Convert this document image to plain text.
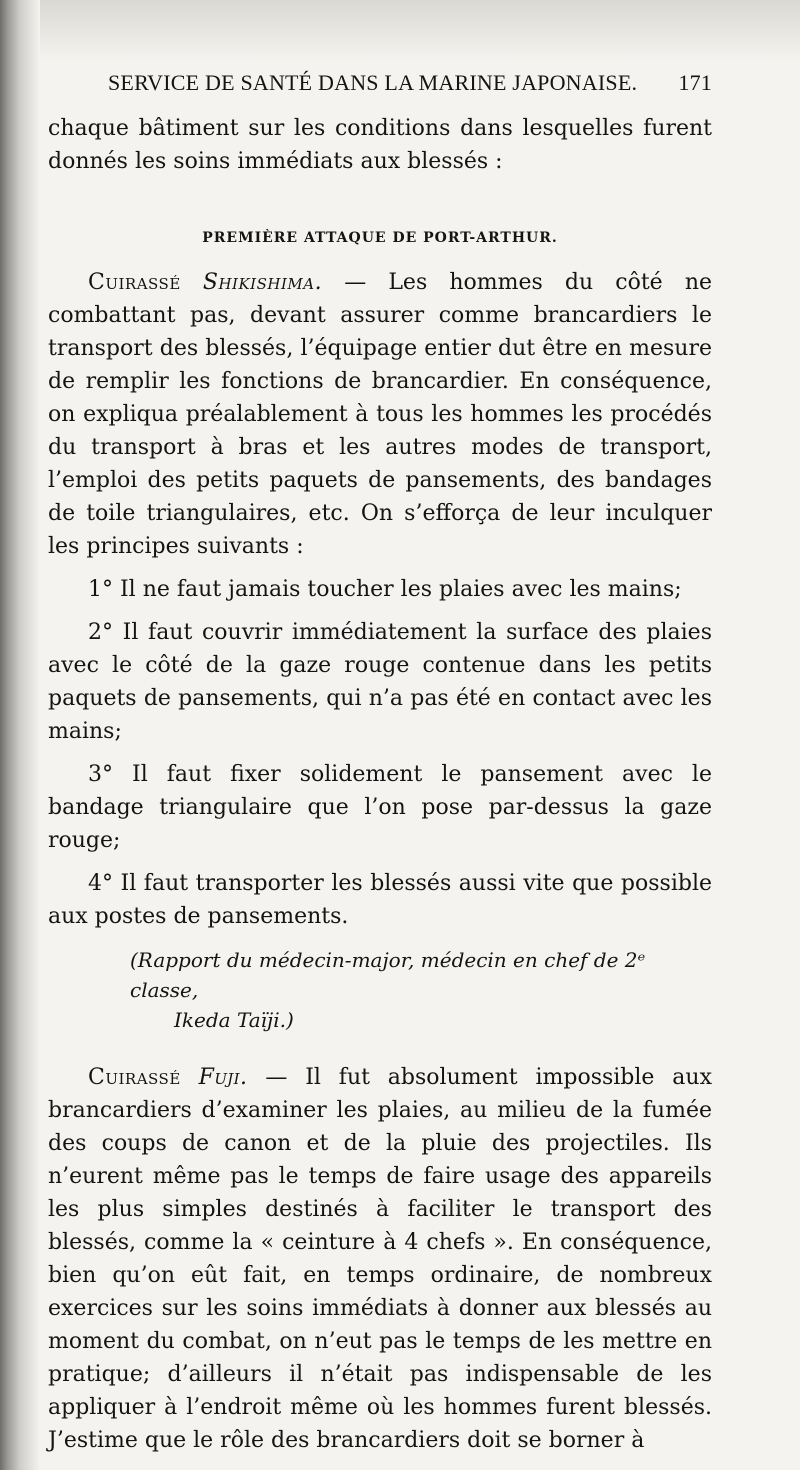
SERVICE DE SANTÉ DANS LA MARINE JAPONAISE. 171

chaque bâtiment sur les conditions dans lesquelles furent donnés les soins immédiats aux blessés :

PREMIÈRE ATTAQUE DE PORT-ARTHUR.

Cuirassé Shikishima. — Les hommes du côté ne combattant pas, devant assurer comme brancardiers le transport des blessés, l’équipage entier dut être en mesure de remplir les fonctions de brancardier. En conséquence, on expliqua préalablement à tous les hommes les procédés du transport à bras et les autres modes de transport, l’emploi des petits paquets de pansements, des bandages de toile triangulaires, etc. On s’efforça de leur inculquer les principes suivants :

1° Il ne faut jamais toucher les plaies avec les mains;

2° Il faut couvrir immédiatement la surface des plaies avec le côté de la gaze rouge contenue dans les petits paquets de pansements, qui n’a pas été en contact avec les mains;

3° Il faut fixer solidement le pansement avec le bandage triangulaire que l’on pose par-dessus la gaze rouge;

4° Il faut transporter les blessés aussi vite que possible aux postes de pansements.

(Rapport du médecin-major, médecin en chef de 2ᵉ classe,
Ikeda Taïji.)

Cuirassé Fuji. — Il fut absolument impossible aux brancardiers d’examiner les plaies, au milieu de la fumée des coups de canon et de la pluie des projectiles. Ils n’eurent même pas le temps de faire usage des appareils les plus simples destinés à faciliter le transport des blessés, comme la « ceinture à 4 chefs ». En conséquence, bien qu’on eût fait, en temps ordinaire, de nombreux exercices sur les soins immédiats à donner aux blessés au moment du combat, on n’eut pas le temps de les mettre en pratique; d’ailleurs il n’était pas indispensable de les appliquer à l’endroit même où les hommes furent blessés. J’estime que le rôle des brancardiers doit se borner à
